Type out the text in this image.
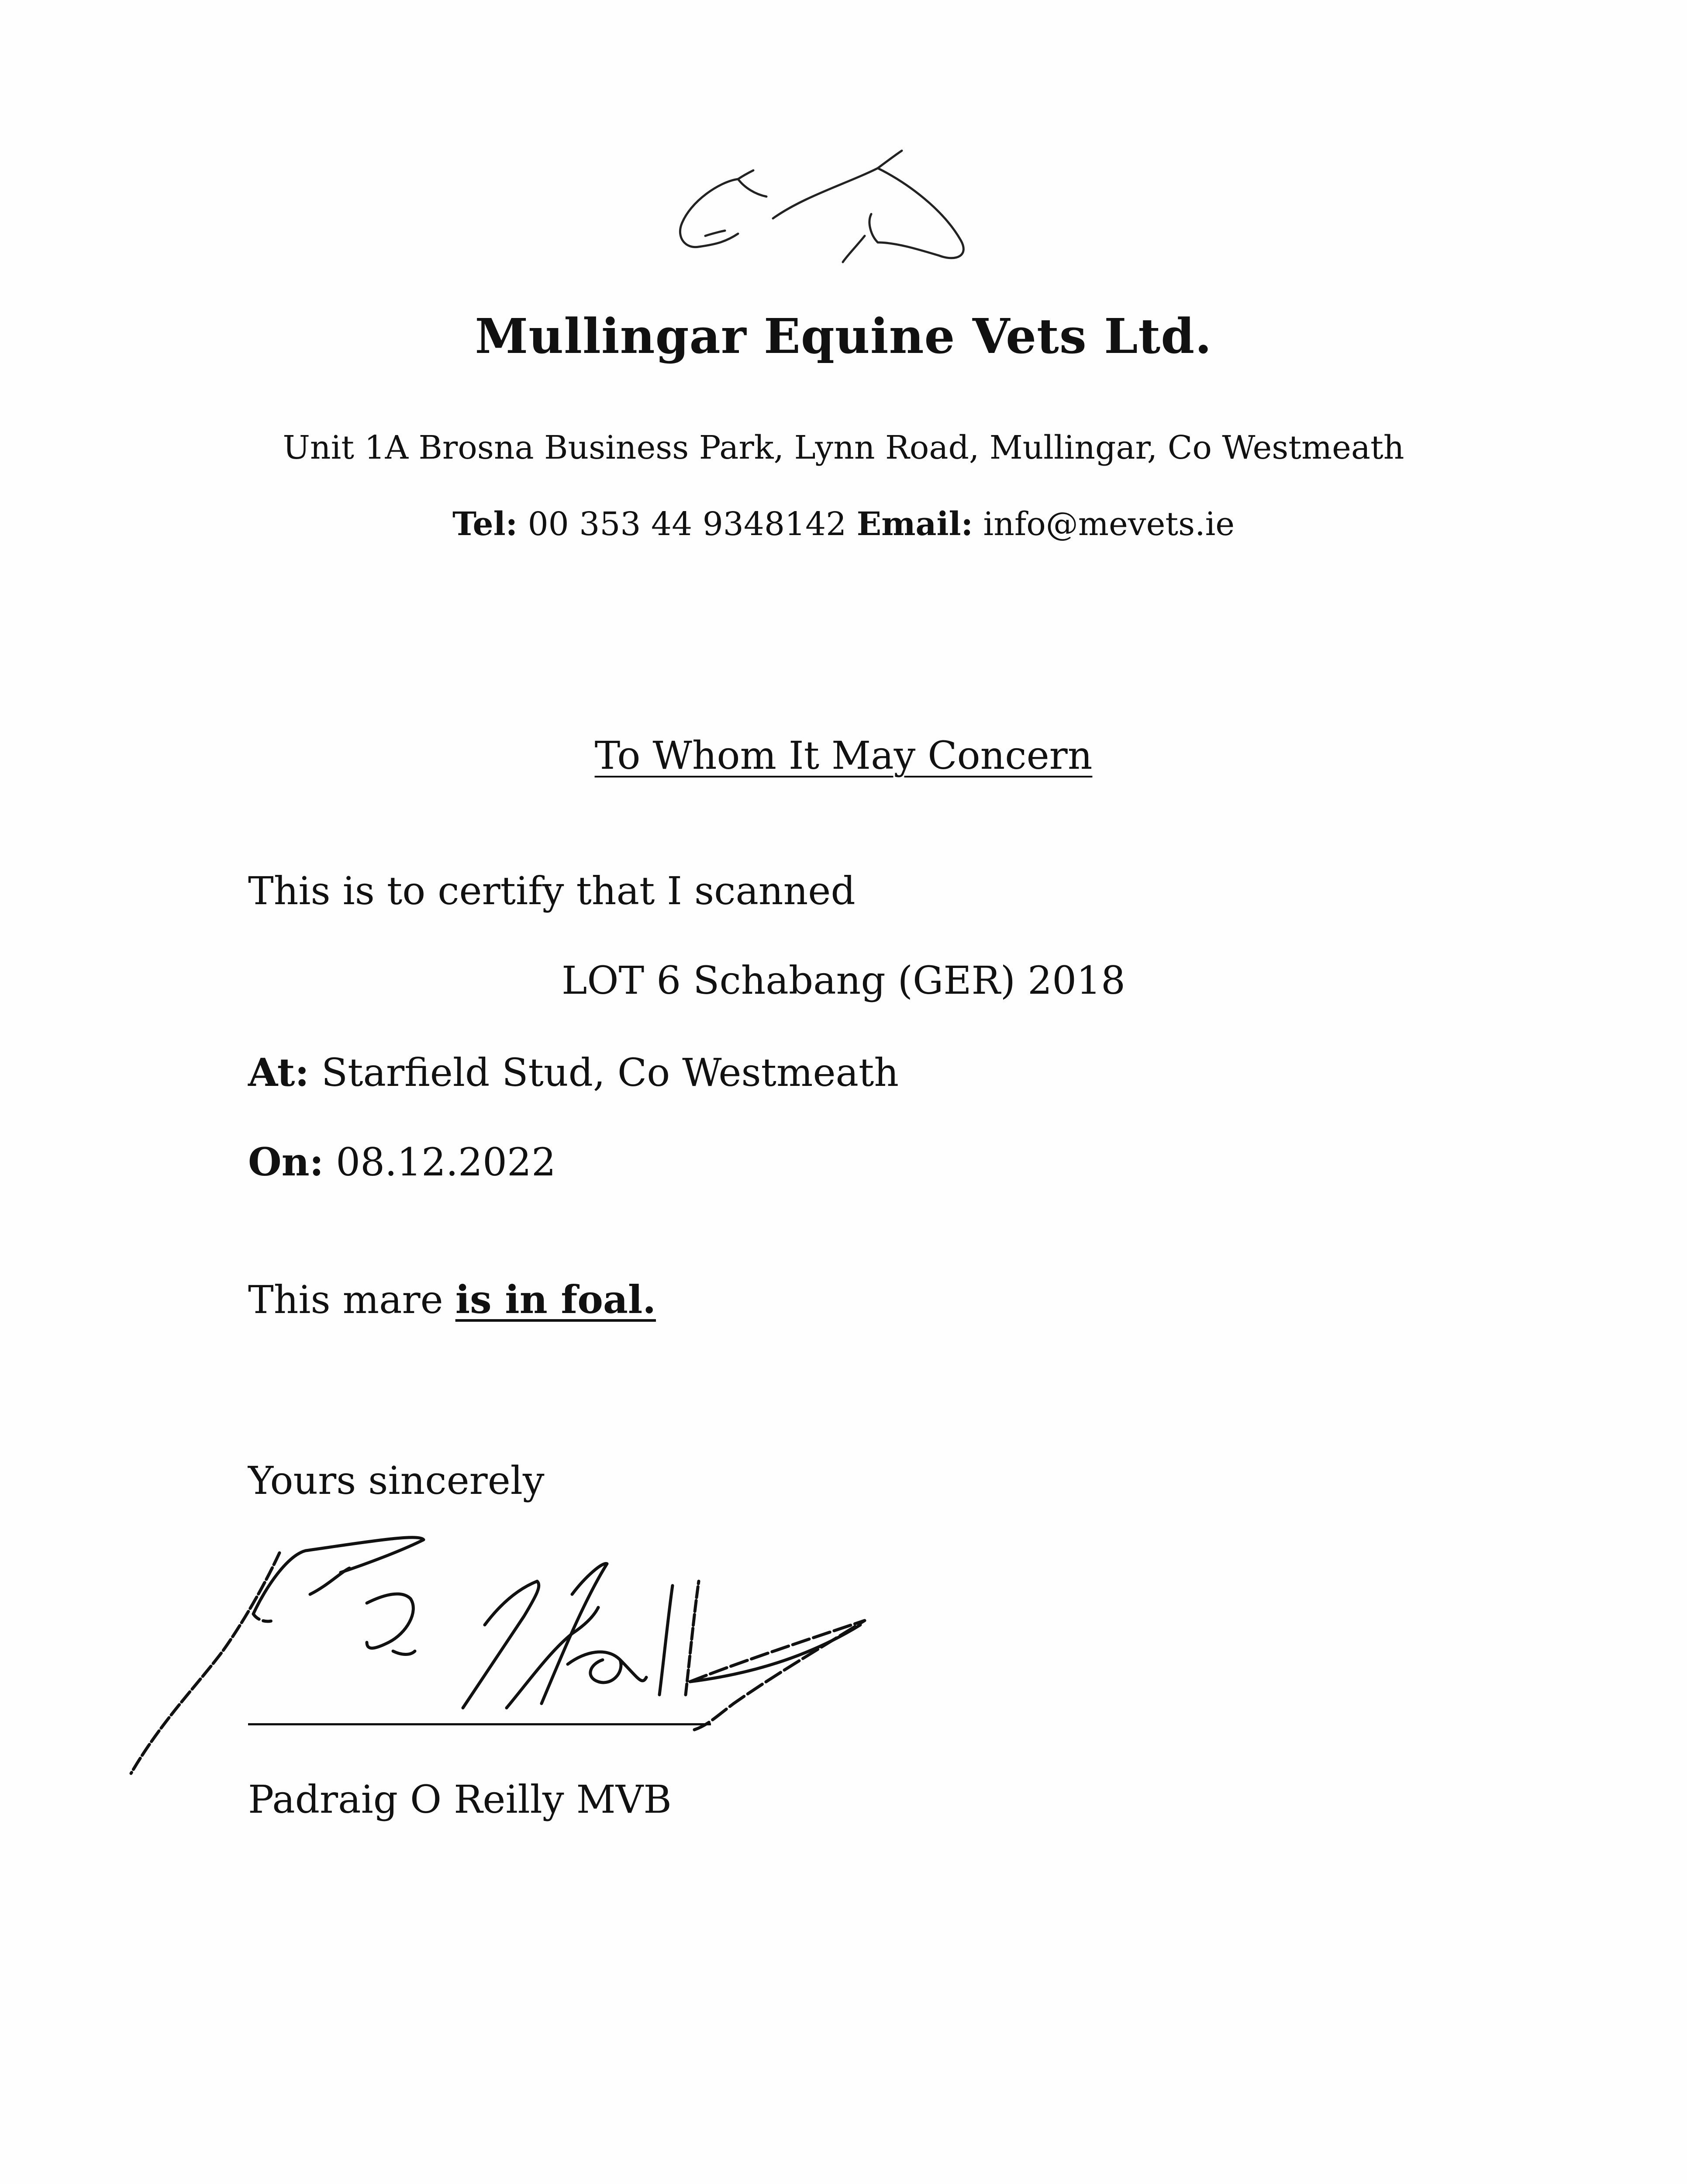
Mullingar Equine Vets Ltd.
Unit 1A Brosna Business Park, Lynn Road, Mullingar, Co Westmeath
Tel: 00 353 44 9348142 Email: info@mevets.ie
To Whom It May Concern
This is to certify that I scanned
LOT 6 Schabang (GER) 2018
At: Starfield Stud, Co Westmeath
On: 08.12.2022
This mare is in foal.
Yours sincerely
Padraig O Reilly MVB
